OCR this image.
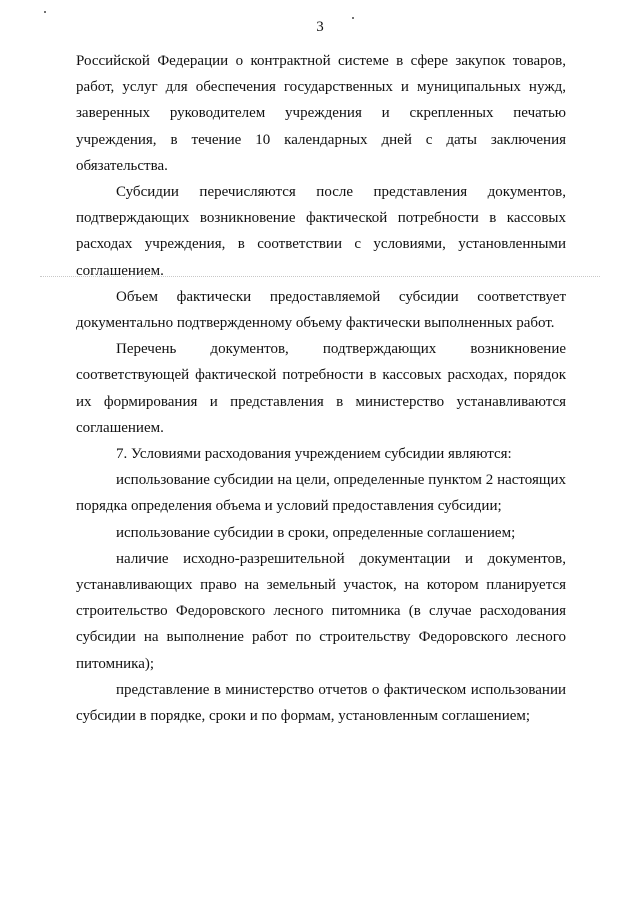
3

Российской Федерации о контрактной системе в сфере закупок товаров, работ, услуг для обеспечения государственных и муниципальных нужд, заверенных руководителем учреждения и скрепленных печатью учреждения, в течение 10 календарных дней с даты заключения обязательства.

Субсидии перечисляются после представления документов, подтверждающих возникновение фактической потребности в кассовых расходах учреждения, в соответствии с условиями, установленными соглашением.

Объем фактически предоставляемой субсидии соответствует документально подтвержденному объему фактически выполненных работ.

Перечень документов, подтверждающих возникновение соответствующей фактической потребности в кассовых расходах, порядок их формирования и представления в министерство устанавливаются соглашением.

7. Условиями расходования учреждением субсидии являются:

использование субсидии на цели, определенные пунктом 2 настоящих порядка определения объема и условий предоставления субсидии;

использование субсидии в сроки, определенные соглашением;

наличие исходно-разрешительной документации и документов, устанавливающих право на земельный участок, на котором планируется строительство Федоровского лесного питомника (в случае расходования субсидии на выполнение работ по строительству Федоровского лесного питомника);

представление в министерство отчетов о фактическом использовании субсидии в порядке, сроки и по формам, установленным соглашением;
